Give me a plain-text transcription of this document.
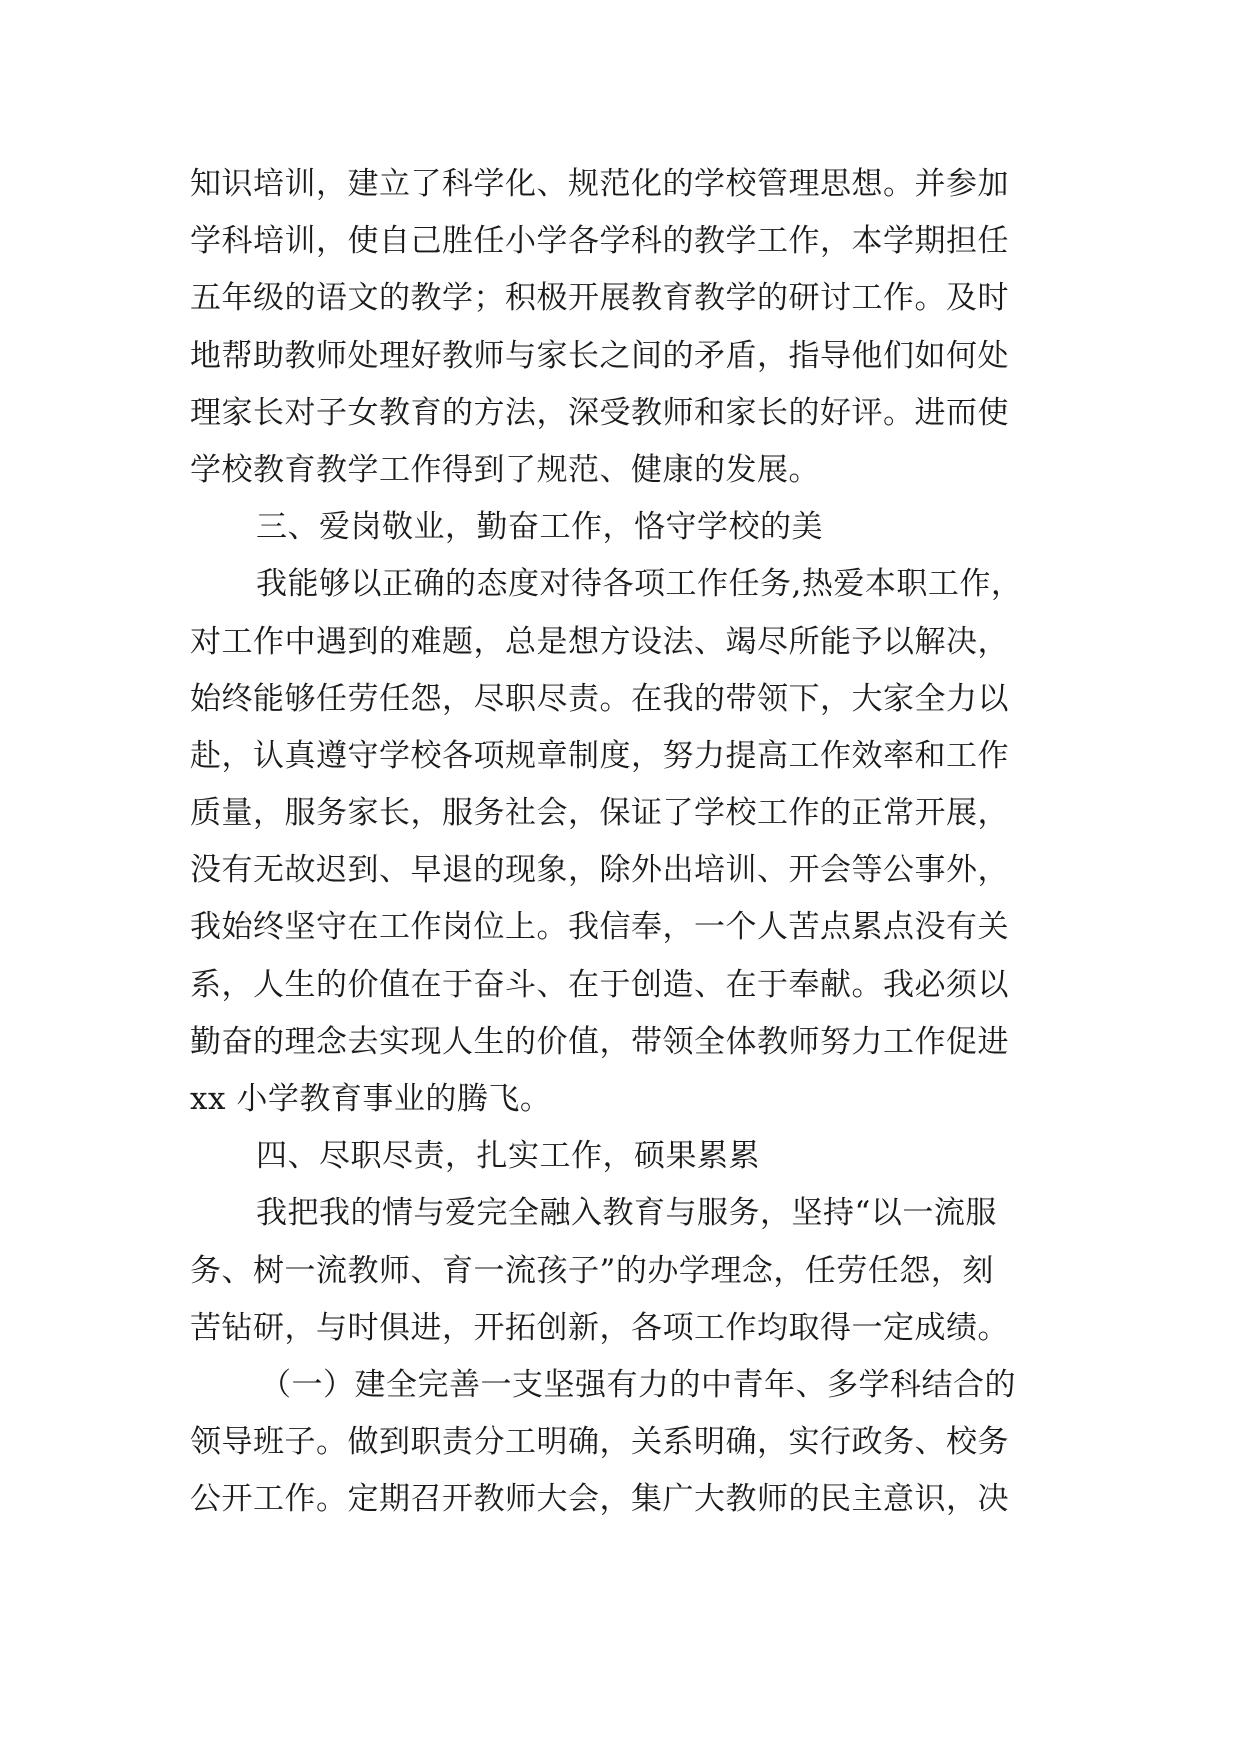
知识培训，建立了科学化、规范化的学校管理思想。并参加
学科培训，使自己胜任小学各学科的教学工作，本学期担任
五年级的语文的教学；积极开展教育教学的研讨工作。及时
地帮助教师处理好教师与家长之间的矛盾，指导他们如何处
理家长对子女教育的方法，深受教师和家长的好评。进而使
学校教育教学工作得到了规范、健康的发展。
三、爱岗敬业，勤奋工作，恪守学校的美
我能够以正确的态度对待各项工作任务,热爱本职工作，
对工作中遇到的难题，总是想方设法、竭尽所能予以解决，
始终能够任劳任怨，尽职尽责。在我的带领下，大家全力以
赴，认真遵守学校各项规章制度，努力提高工作效率和工作
质量，服务家长，服务社会，保证了学校工作的正常开展，
没有无故迟到、早退的现象，除外出培训、开会等公事外，
我始终坚守在工作岗位上。我信奉，一个人苦点累点没有关
系，人生的价值在于奋斗、在于创造、在于奉献。我必须以
勤奋的理念去实现人生的价值，带领全体教师努力工作促进
xx 小学教育事业的腾飞。
四、尽职尽责，扎实工作，硕果累累
我把我的情与爱完全融入教育与服务，坚持“以一流服
务、树一流教师、育一流孩子”的办学理念，任劳任怨，刻
苦钻研，与时俱进，开拓创新，各项工作均取得一定成绩。
（一）建全完善一支坚强有力的中青年、多学科结合的
领导班子。做到职责分工明确，关系明确，实行政务、校务
公开工作。定期召开教师大会，集广大教师的民主意识，决
